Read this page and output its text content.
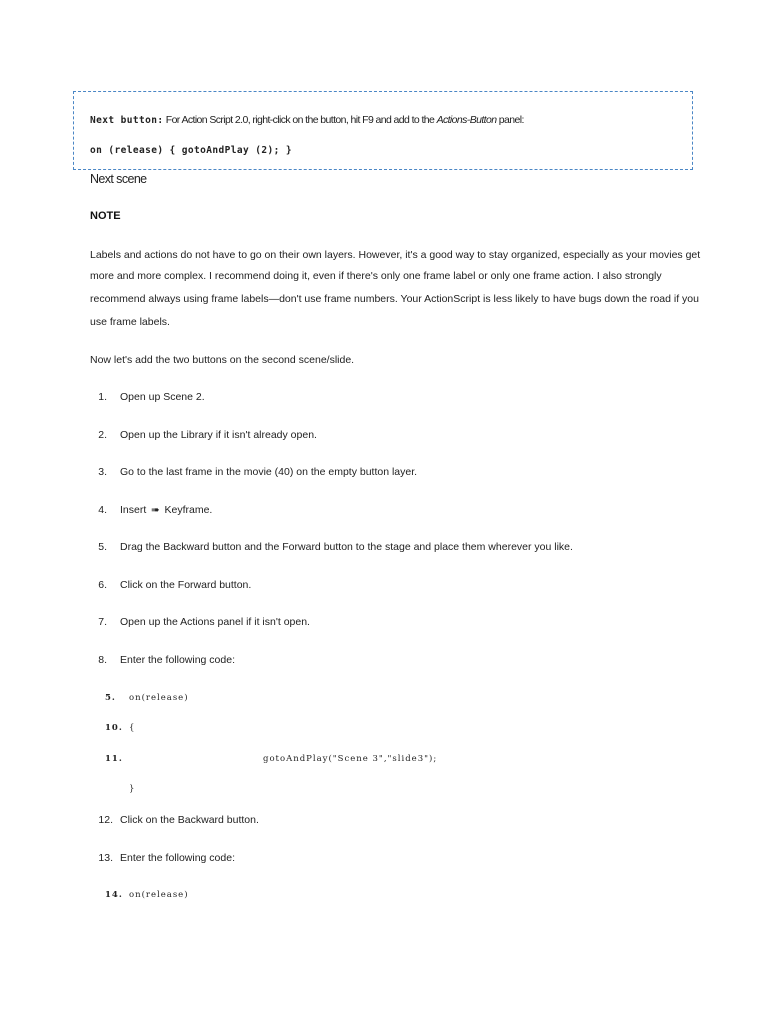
Next button: For Action Script 2.0, right-click on the button, hit F9 and add to the Actions-Button panel:
on (release) { gotoAndPlay (2); }
Next scene
NOTE
Labels and actions do not have to go on their own layers. However, it's a good way to stay organized, especially as your movies get
more and more complex. I recommend doing it, even if there's only one frame label or only one frame action. I also strongly
recommend always using frame labels—don't use frame numbers. Your ActionScript is less likely to have bugs down the road if you
use frame labels.
Now let's add the two buttons on the second scene/slide.
1. Open up Scene 2.
2. Open up the Library if it isn't already open.
3. Go to the last frame in the movie (40) on the empty button layer.
4. Insert ➠ Keyframe.
5. Drag the Backward button and the Forward button to the stage and place them wherever you like.
6. Click on the Forward button.
7. Open up the Actions panel if it isn't open.
8. Enter the following code:
5. on(release)
10. {
11.	gotoAndPlay("Scene 3","slide3");
}
12. Click on the Backward button.
13. Enter the following code:
14. on(release)
